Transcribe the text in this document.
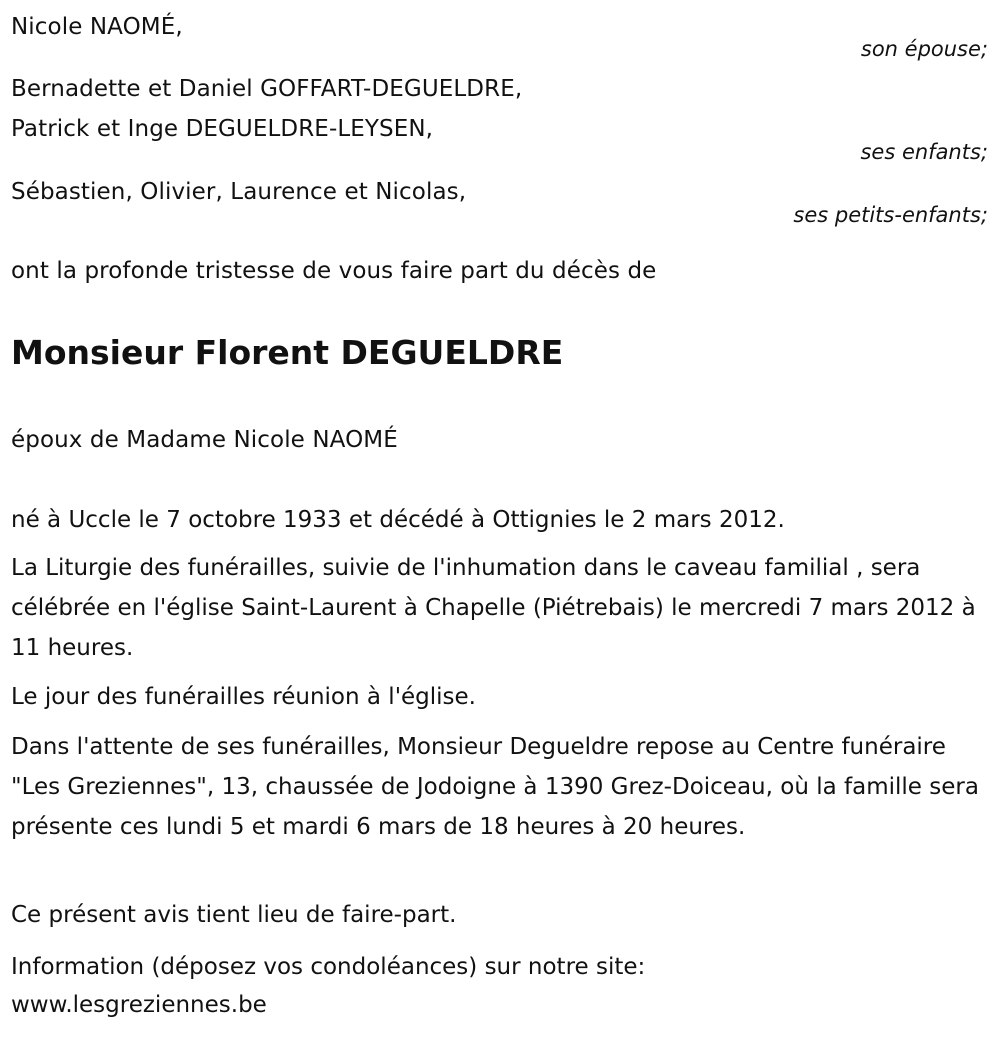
Nicole NAOMÉ,
son épouse;
Bernadette et Daniel GOFFART-DEGUELDRE,
Patrick et Inge DEGUELDRE-LEYSEN,
ses enfants;
Sébastien, Olivier, Laurence et Nicolas,
ses petits-enfants;
ont la profonde tristesse de vous faire part du décès de
Monsieur Florent DEGUELDRE
époux de Madame Nicole NAOMÉ

né à Uccle le 7 octobre 1933 et décédé à Ottignies le 2 mars 2012.

La Liturgie des funérailles, suivie de l'inhumation dans le caveau familial , sera célébrée en l'église Saint-Laurent à Chapelle (Piétrebais) le mercredi 7 mars 2012 à 11 heures.

Le jour des funérailles réunion à l'église.

Dans l'attente de ses funérailles, Monsieur Degueldre repose au Centre funéraire "Les Greziennes", 13, chaussée de Jodoigne à 1390 Grez-Doiceau, où la famille sera présente ces lundi 5 et mardi 6 mars de 18 heures à 20 heures.

Ce présent avis tient lieu de faire-part.

Information (déposez vos condoléances) sur notre site:

www.lesgreziennes.be
